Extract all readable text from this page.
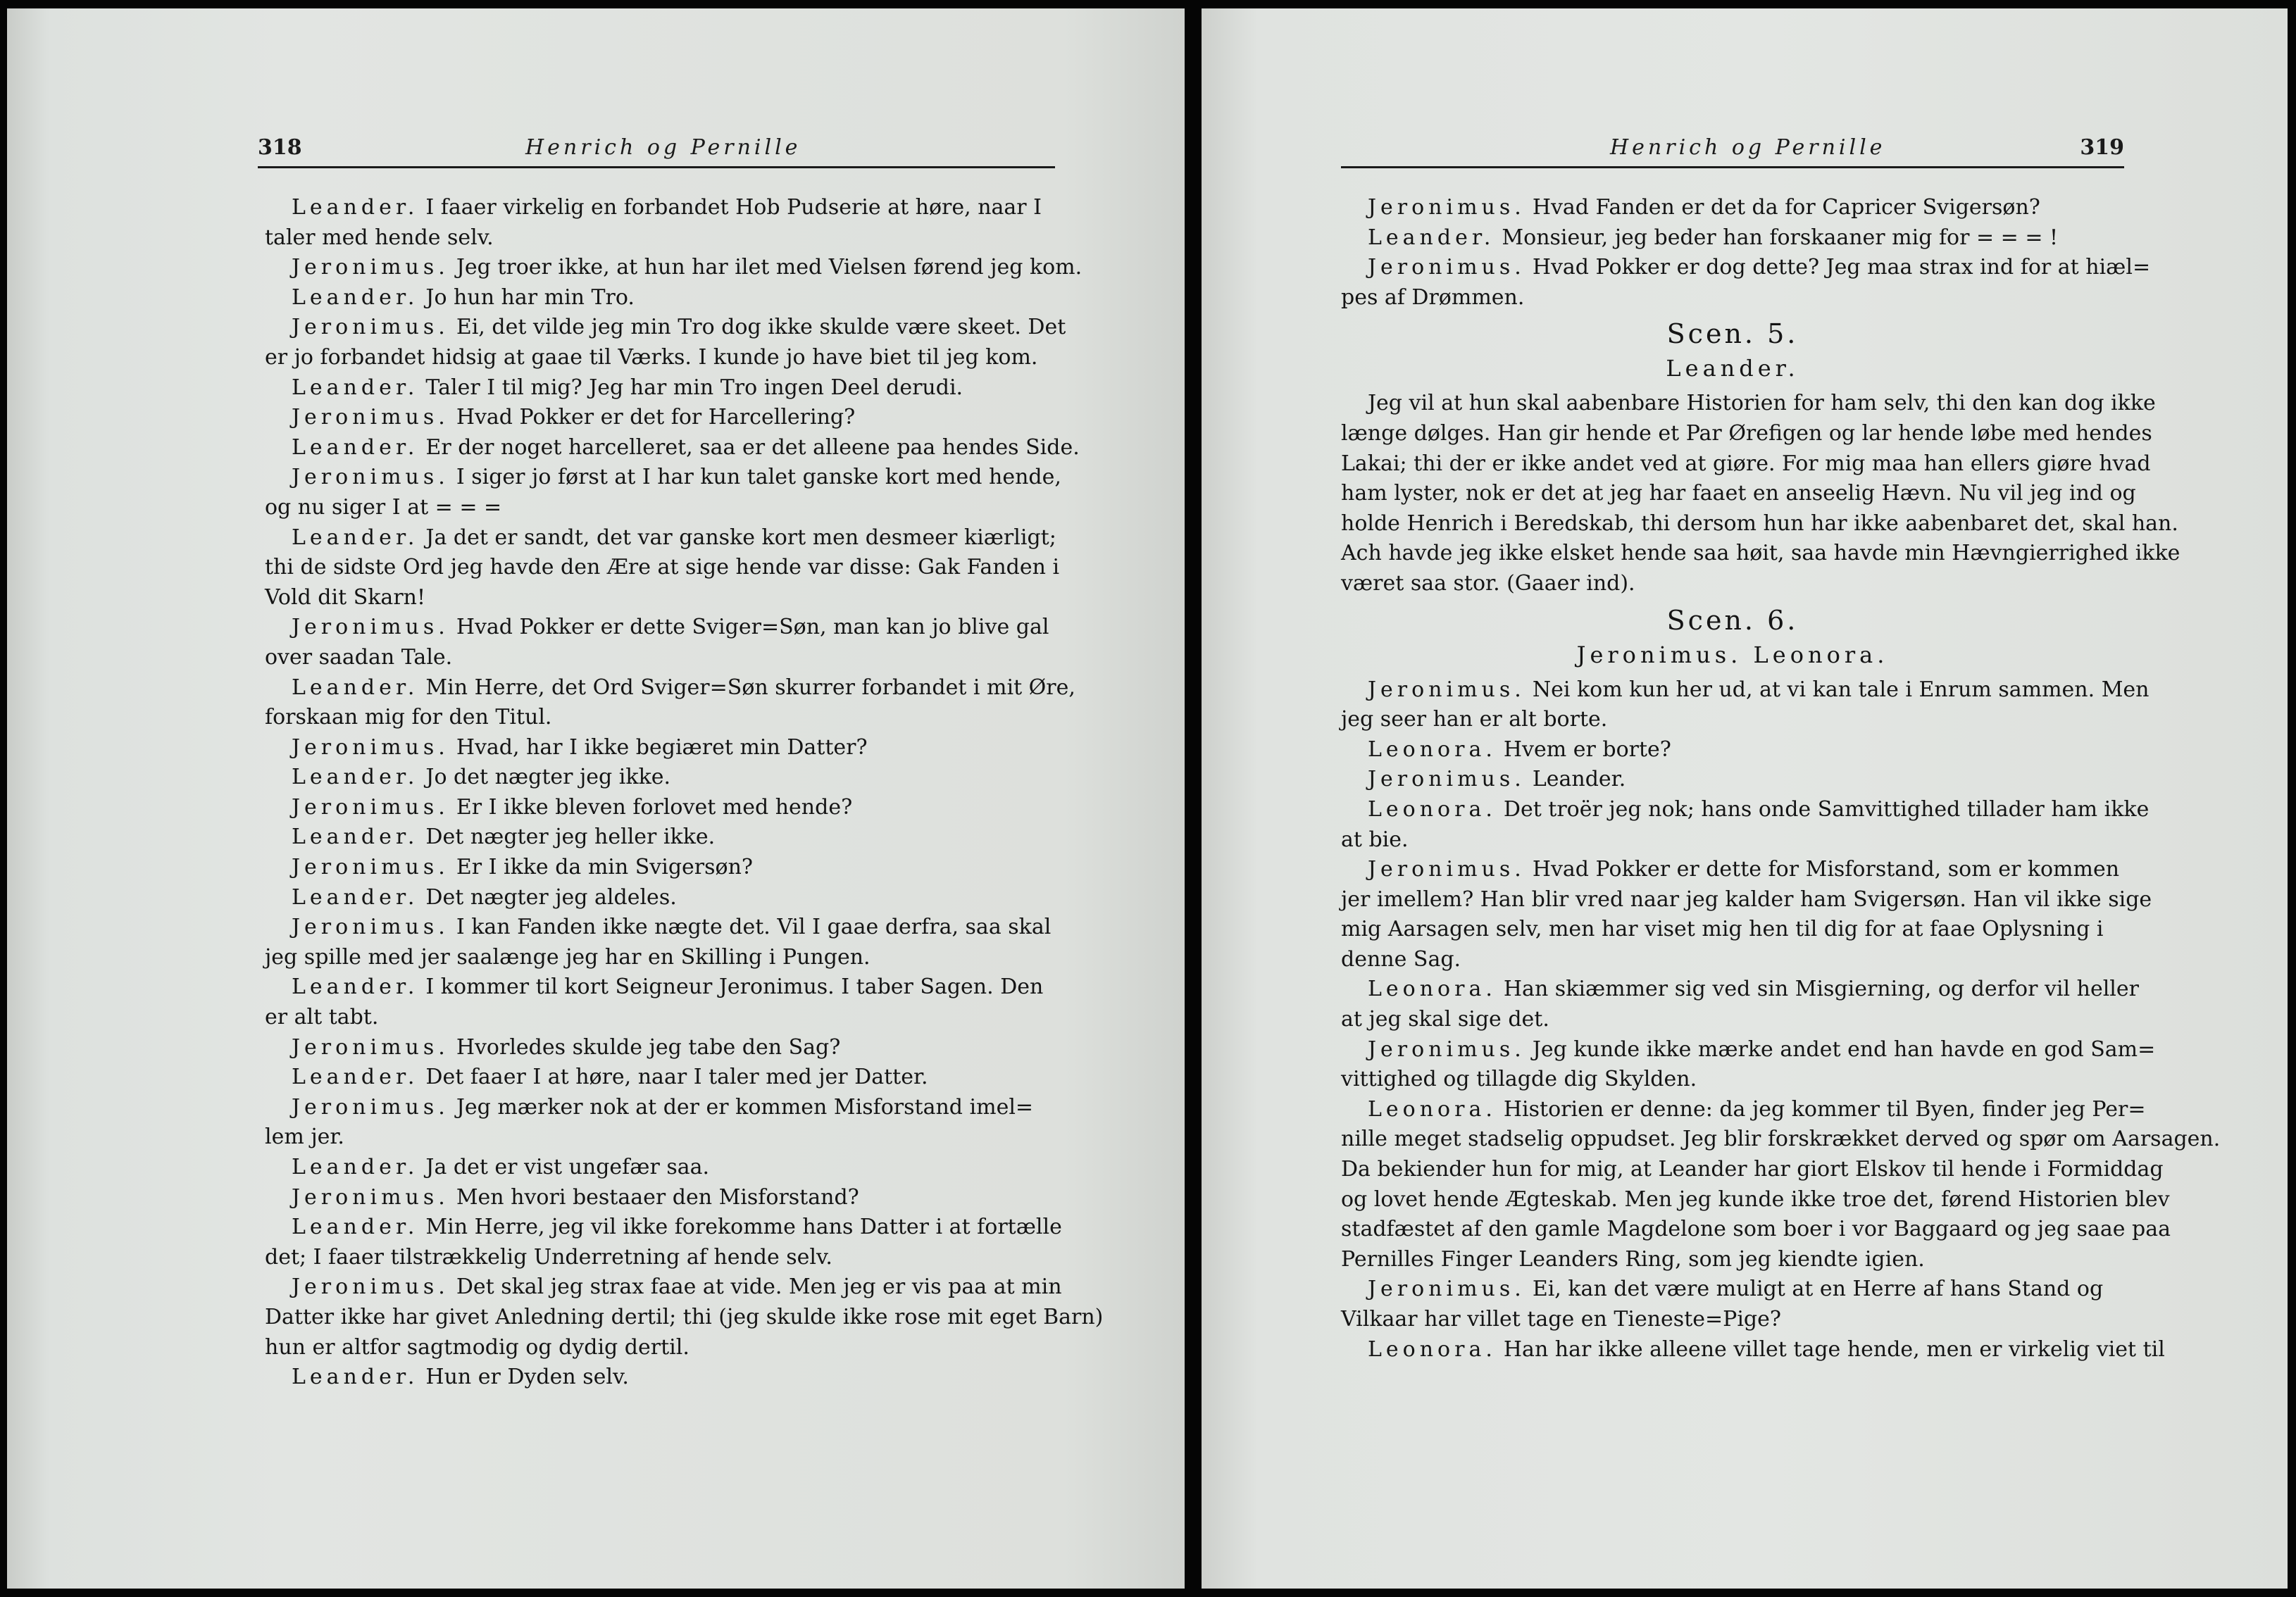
318	Henrich og Pernille
Leander. I faaer virkelig en forbandet Hob Pudserie at høre, naar I
taler med hende selv.
Jeronimus. Jeg troer ikke, at hun har ilet med Vielsen førend jeg kom.
Leander. Jo hun har min Tro.
Jeronimus. Ei, det vilde jeg min Tro dog ikke skulde være skeet. Det
er jo forbandet hidsig at gaae til Værks. I kunde jo have biet til jeg kom.
Leander. Taler I til mig? Jeg har min Tro ingen Deel derudi.
Jeronimus. Hvad Pokker er det for Harcellering?
Leander. Er der noget harcelleret, saa er det alleene paa hendes Side.
Jeronimus. I siger jo først at I har kun talet ganske kort med hende,
og nu siger I at = = =
Leander. Ja det er sandt, det var ganske kort men desmeer kiærligt;
thi de sidste Ord jeg havde den Ære at sige hende var disse: Gak Fanden i
Vold dit Skarn!
Jeronimus. Hvad Pokker er dette Sviger=Søn, man kan jo blive gal
over saadan Tale.
Leander. Min Herre, det Ord Sviger=Søn skurrer forbandet i mit Øre,
forskaan mig for den Titul.
Jeronimus. Hvad, har I ikke begiæret min Datter?
Leander. Jo det nægter jeg ikke.
Jeronimus. Er I ikke bleven forlovet med hende?
Leander. Det nægter jeg heller ikke.
Jeronimus. Er I ikke da min Svigersøn?
Leander. Det nægter jeg aldeles.
Jeronimus. I kan Fanden ikke nægte det. Vil I gaae derfra, saa skal
jeg spille med jer saalænge jeg har en Skilling i Pungen.
Leander. I kommer til kort Seigneur Jeronimus. I taber Sagen. Den
er alt tabt.
Jeronimus. Hvorledes skulde jeg tabe den Sag?
Leander. Det faaer I at høre, naar I taler med jer Datter.
Jeronimus. Jeg mærker nok at der er kommen Misforstand imel=
lem jer.
Leander. Ja det er vist ungefær saa.
Jeronimus. Men hvori bestaaer den Misforstand?
Leander. Min Herre, jeg vil ikke forekomme hans Datter i at fortælle
det; I faaer tilstrækkelig Underretning af hende selv.
Jeronimus. Det skal jeg strax faae at vide. Men jeg er vis paa at min
Datter ikke har givet Anledning dertil; thi (jeg skulde ikke rose mit eget Barn)
hun er altfor sagtmodig og dydig dertil.
Leander. Hun er Dyden selv.
Henrich og Pernille	319
Jeronimus. Hvad Fanden er det da for Capricer Svigersøn?
Leander. Monsieur, jeg beder han forskaaner mig for = = = !
Jeronimus. Hvad Pokker er dog dette? Jeg maa strax ind for at hiæl=
pes af Drømmen.
Scen. 5.
Leander.
Jeg vil at hun skal aabenbare Historien for ham selv, thi den kan dog ikke
længe dølges. Han gir hende et Par Ørefigen og lar hende løbe med hendes
Lakai; thi der er ikke andet ved at giøre. For mig maa han ellers giøre hvad
ham lyster, nok er det at jeg har faaet en anseelig Hævn. Nu vil jeg ind og
holde Henrich i Beredskab, thi dersom hun har ikke aabenbaret det, skal han.
Ach havde jeg ikke elsket hende saa høit, saa havde min Hævngierrighed ikke
været saa stor. (Gaaer ind).
Scen. 6.
Jeronimus. Leonora.
Jeronimus. Nei kom kun her ud, at vi kan tale i Enrum sammen. Men
jeg seer han er alt borte.
Leonora. Hvem er borte?
Jeronimus. Leander.
Leonora. Det troër jeg nok; hans onde Samvittighed tillader ham ikke
at bie.
Jeronimus. Hvad Pokker er dette for Misforstand, som er kommen
jer imellem? Han blir vred naar jeg kalder ham Svigersøn. Han vil ikke sige
mig Aarsagen selv, men har viset mig hen til dig for at faae Oplysning i
denne Sag.
Leonora. Han skiæmmer sig ved sin Misgierning, og derfor vil heller
at jeg skal sige det.
Jeronimus. Jeg kunde ikke mærke andet end han havde en god Sam=
vittighed og tillagde dig Skylden.
Leonora. Historien er denne: da jeg kommer til Byen, finder jeg Per=
nille meget stadselig oppudset. Jeg blir forskrækket derved og spør om Aarsagen.
Da bekiender hun for mig, at Leander har giort Elskov til hende i Formiddag
og lovet hende Ægteskab. Men jeg kunde ikke troe det, førend Historien blev
stadfæstet af den gamle Magdelone som boer i vor Baggaard og jeg saae paa
Pernilles Finger Leanders Ring, som jeg kiendte igien.
Jeronimus. Ei, kan det være muligt at en Herre af hans Stand og
Vilkaar har villet tage en Tieneste=Pige?
Leonora. Han har ikke alleene villet tage hende, men er virkelig viet til
